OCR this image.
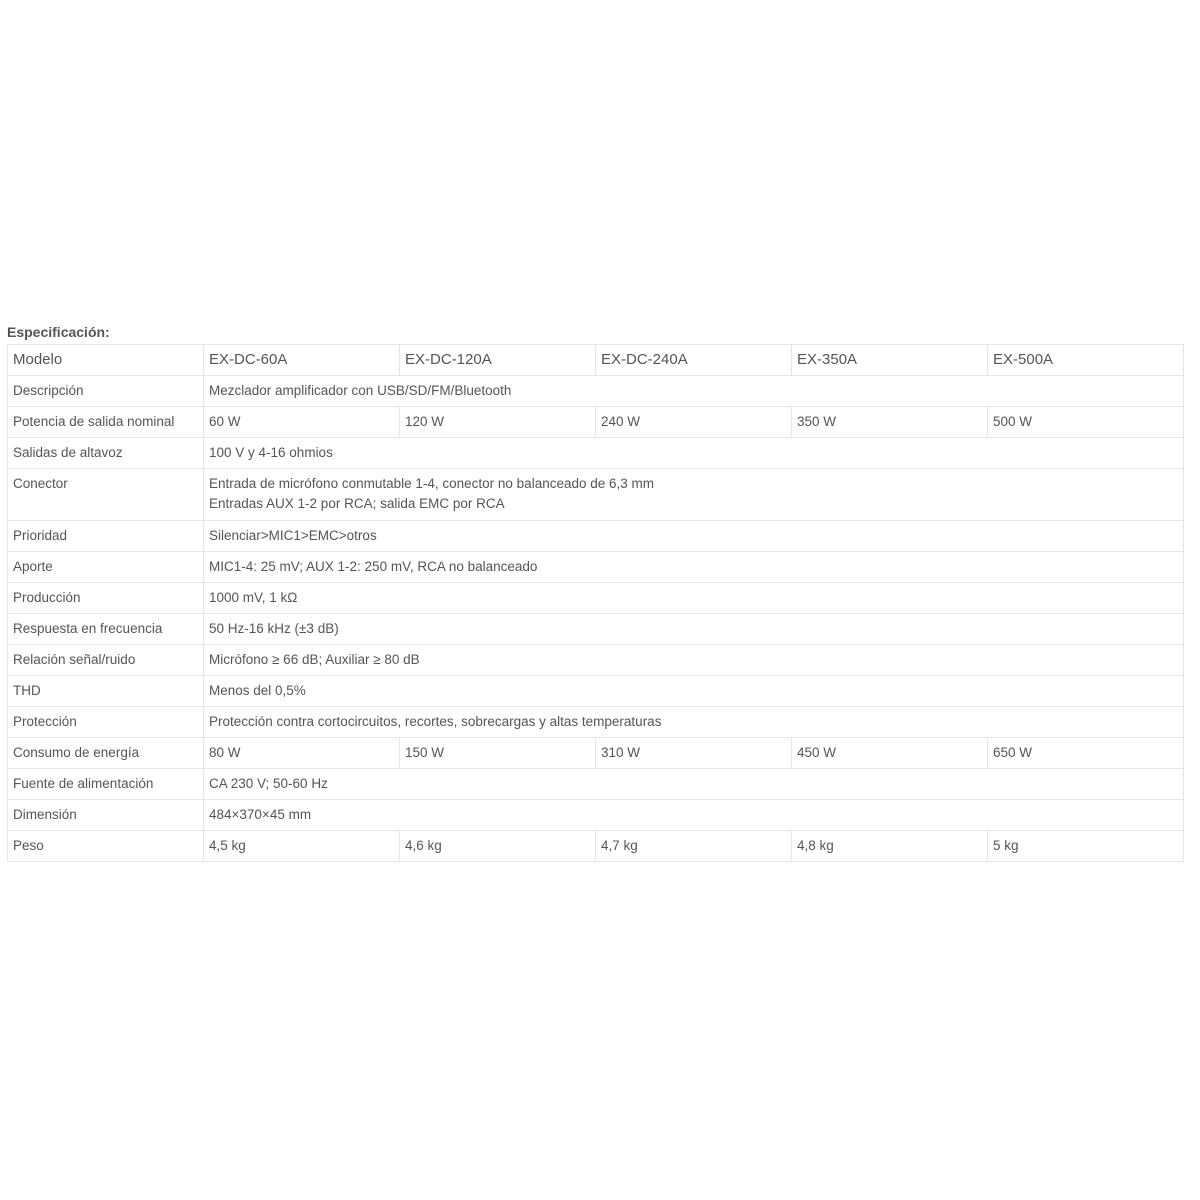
Especificación:
Modelo	EX-DC-60A	EX-DC-120A	EX-DC-240A	EX-350A	EX-500A
Descripción	Mezclador amplificador con USB/SD/FM/Bluetooth				
Potencia de salida nominal	60 W	120 W	240 W	350 W	500 W
Salidas de altavoz	100 V y 4-16 ohmios				
Conector	Entrada de micrófono conmutable 1-4, conector no balanceado de 6,3 mm
Entradas AUX 1-2 por RCA; salida EMC por RCA				

Prioridad	Silenciar>MIC1>EMC>otros				
Aporte	MIC1-4: 25 mV; AUX 1-2: 250 mV, RCA no balanceado				
Producción	1000 mV, 1 kΩ				
Respuesta en frecuencia	50 Hz-16 kHz (±3 dB)				
Relación señal/ruido	Micrófono ≥ 66 dB; Auxiliar ≥ 80 dB				
THD	Menos del 0,5%				
Protección	Protección contra cortocircuitos, recortes, sobrecargas y altas temperaturas				
Consumo de energía	80 W	150 W	310 W	450 W	650 W
Fuente de alimentación	CA 230 V; 50-60 Hz				
Dimensión	484×370×45 mm				
Peso	4,5 kg	4,6 kg	4,7 kg	4,8 kg	5 kg
